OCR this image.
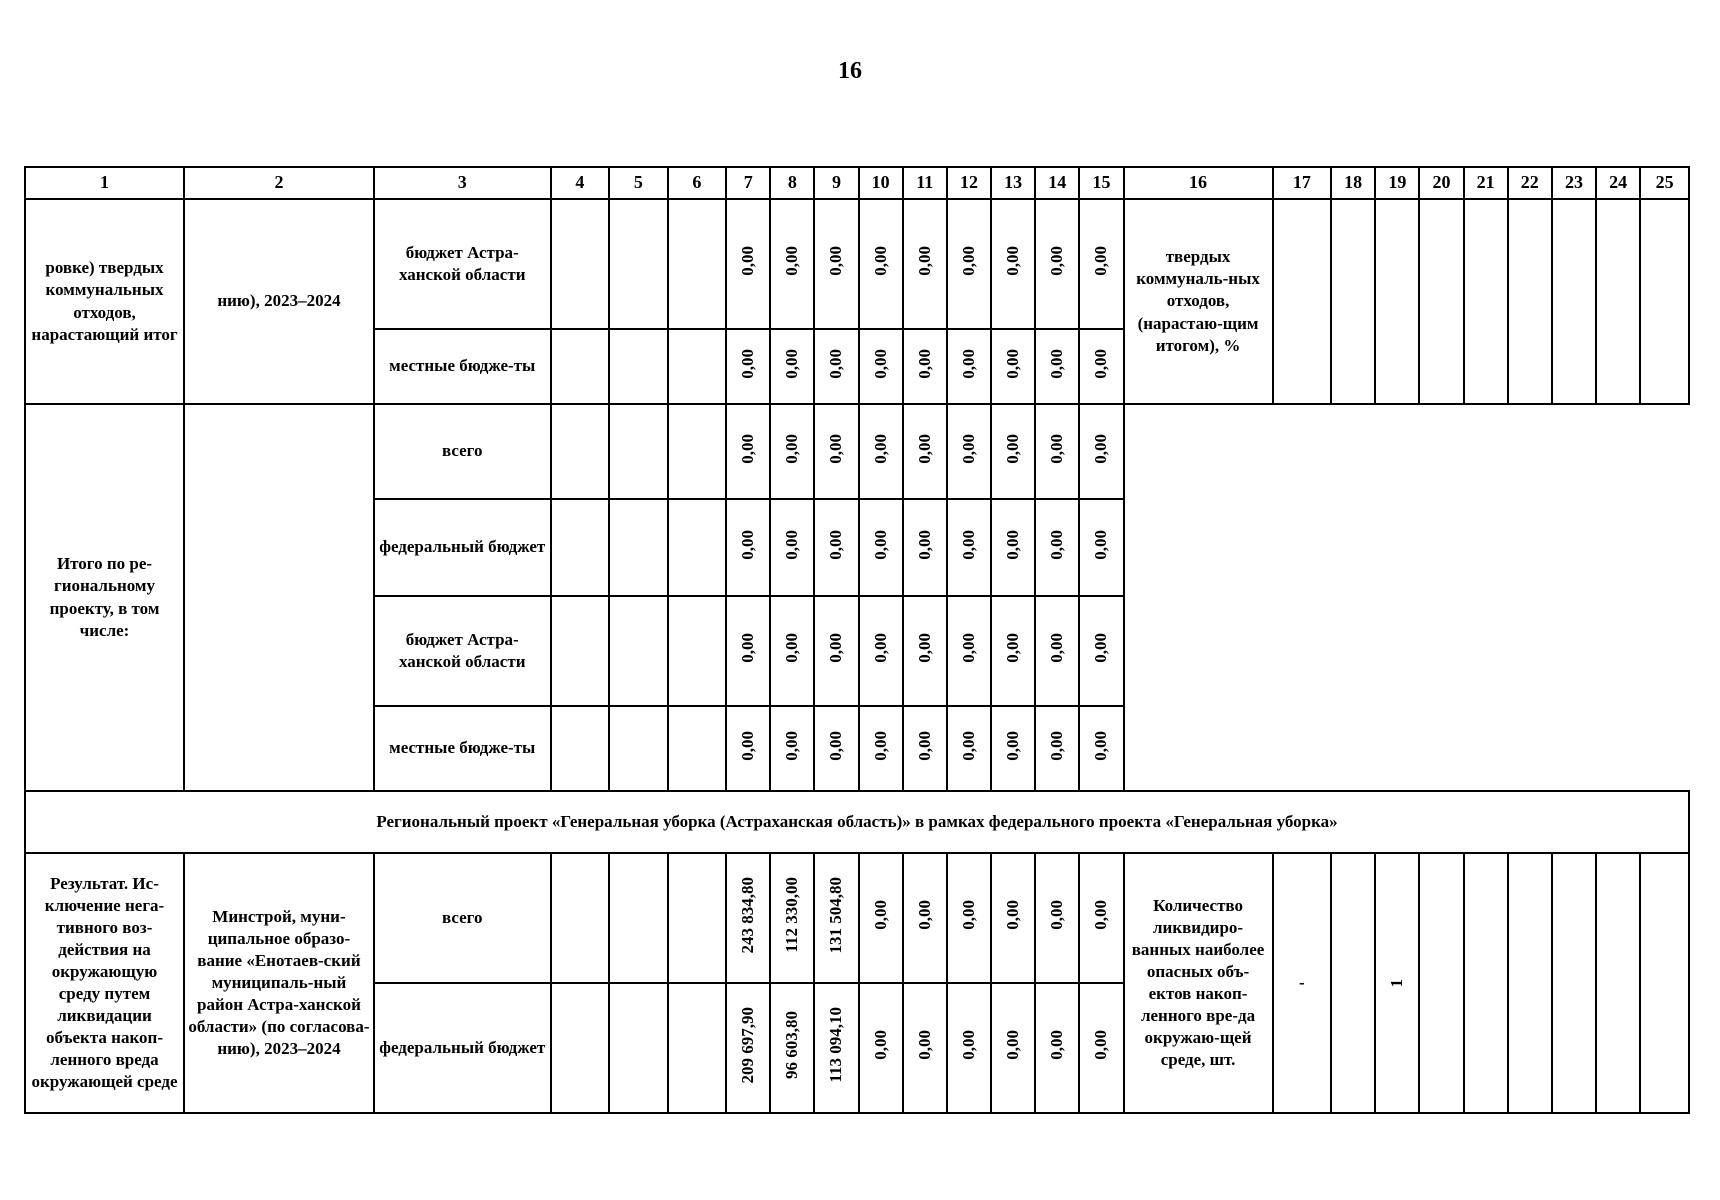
16
1	2	3	4	5	6	7	8	9	10	11	12	13	14	15	16	17	18	19	20	21	22	23	24	25
ровке) твердых коммунальных отходов, нарастающий итог	нию), 2023–2024	бюджет Астра-ханской области				0,00	0,00	0,00	0,00	0,00	0,00	0,00	0,00	0,00	твердых коммуналь-ных отходов, (нарастаю-щим итогом), %									
		местные бюдже-ты				0,00	0,00	0,00	0,00	0,00	0,00	0,00	0,00	0,00										
Итого по ре-гиональному проекту, в том числе:		всего				0,00	0,00	0,00	0,00	0,00	0,00	0,00	0,00	0,00										
		федеральный бюджет				0,00	0,00	0,00	0,00	0,00	0,00	0,00	0,00	0,00										
		бюджет Астра-ханской области				0,00	0,00	0,00	0,00	0,00	0,00	0,00	0,00	0,00										
		местные бюдже-ты				0,00	0,00	0,00	0,00	0,00	0,00	0,00	0,00	0,00										
Региональный проект «Генеральная уборка (Астраханская область)» в рамках федерального проекта «Генеральная уборка»																								
Результат. Ис-ключение нега-тивного воз-действия на окружающую среду путем ликвидации объекта накоп-ленного вреда окружающей среде	Минстрой, муни-ципальное образо-вание «Енотаев-ский муниципаль-ный район Астра-ханской области» (по согласова-нию), 2023–2024	всего				243 834,80	112 330,00	131 504,80	0,00	0,00	0,00	0,00	0,00	0,00	Количество ликвидиро-ванных наиболее опасных объ-ектов накоп-ленного вре-да окружаю-щей среде, шт.	-		1						
		федеральный бюджет				209 697,90	96 603,80	113 094,10	0,00	0,00	0,00	0,00	0,00	0,00										
